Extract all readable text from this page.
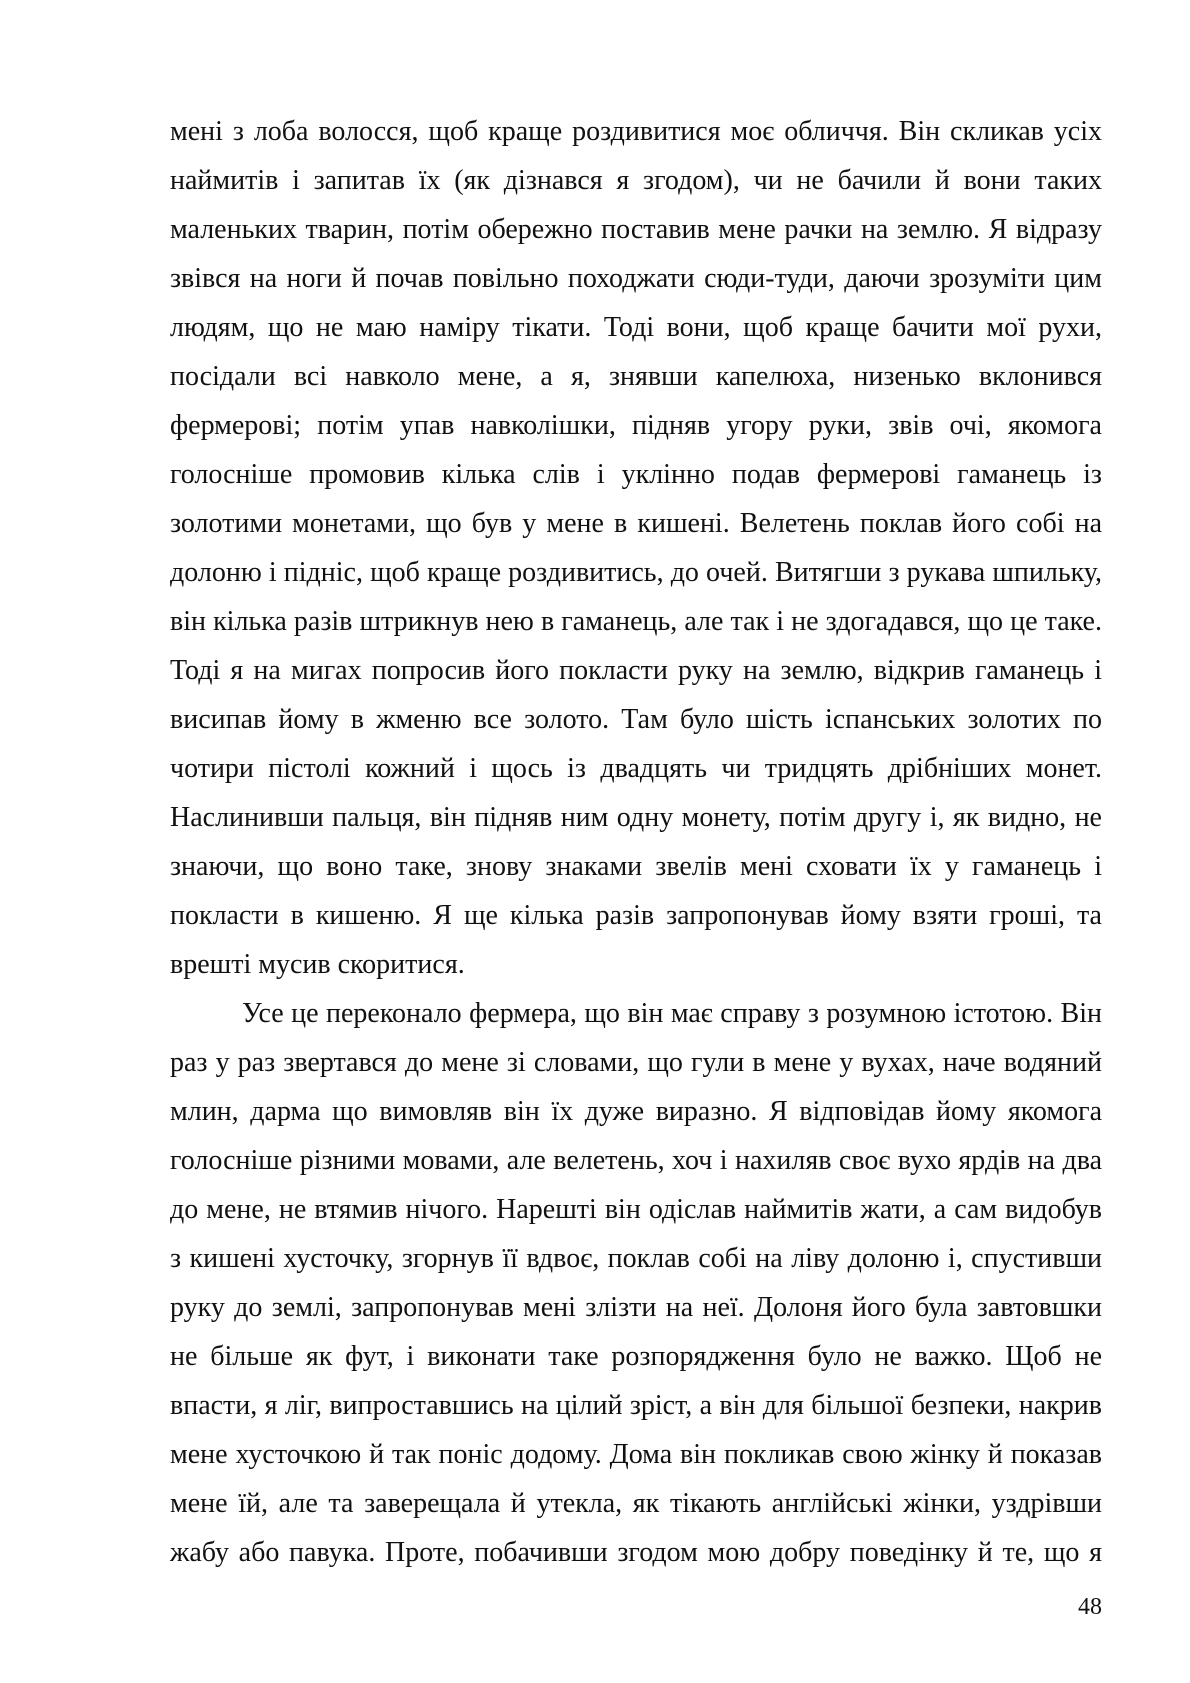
мені з лоба волосся, щоб краще роздивитися моє обличчя. Він скликав усіх наймитів і запитав їх (як дізнався я згодом), чи не бачили й вони таких маленьких тварин, потім обережно поставив мене рачки на землю. Я відразу звівся на ноги й почав повільно походжати сюди-туди, даючи зрозуміти цим людям, що не маю наміру тікати. Тоді вони, щоб краще бачити мої рухи, посідали всі навколо мене, а я, знявши капелюха, низенько вклонився фермерові; потім упав навколішки, підняв угору руки, звів очі, якомога голосніше промовив кілька слів і уклінно подав фермерові гаманець із золотими монетами, що був у мене в кишені. Велетень поклав його собі на долоню і підніс, щоб краще роздивитись, до очей. Витягши з рукава шпильку, він кілька разів штрикнув нею в гаманець, але так і не здогадався, що це таке. Тоді я на мигах попросив його покласти руку на землю, відкрив гаманець і висипав йому в жменю все золото. Там було шість іспанських золотих по чотири пістолі кожний і щось із двадцять чи тридцять дрібніших монет. Наслинивши пальця, він підняв ним одну монету, потім другу і, як видно, не знаючи, що воно таке, знову знаками звелів мені сховати їх у гаманець і покласти в кишеню. Я ще кілька разів запропонував йому взяти гроші, та врешті мусив скоритися.

Усе це переконало фермера, що він має справу з розумною істотою. Він раз у раз звертався до мене зі словами, що гули в мене у вухах, наче водяний млин, дарма що вимовляв він їх дуже виразно. Я відповідав йому якомога голосніше різними мовами, але велетень, хоч і нахиляв своє вухо ярдів на два до мене, не втямив нічого. Нарешті він одіслав наймитів жати, а сам видобув з кишені хусточку, згорнув її вдвоє, поклав собі на ліву долоню і, спустивши руку до землі, запропонував мені злізти на неї. Долоня його була завтовшки не більше як фут, і виконати таке розпорядження було не важко. Щоб не впасти, я ліг, випроставшись на цілий зріст, а він для більшої безпеки, накрив мене хусточкою й так поніс додому. Дома він покликав свою жінку й показав мене їй, але та заверещала й утекла, як тікають англійські жінки, уздрівши жабу або павука. Проте, побачивши згодом мою добру поведінку й те, що я

48
